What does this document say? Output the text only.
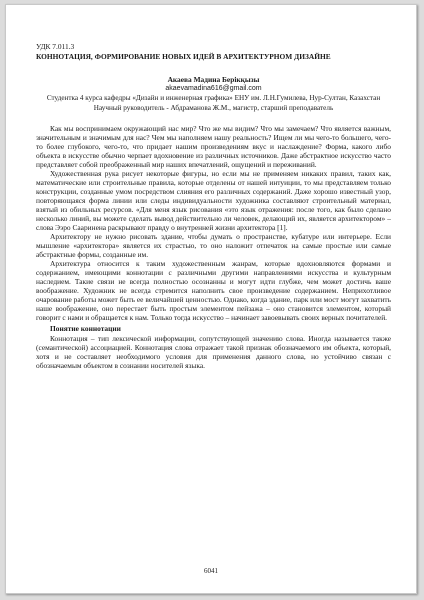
УДК 7.011.3
КОННОТАЦИЯ, ФОРМИРОВАНИЕ НОВЫХ ИДЕЙ В АРХИТЕКТУРНОМ ДИЗАЙНЕ
Акаева Мадина Берікқызы
akaevamadina616@gmail.com
Студентка 4 курса кафедры «Дизайн и инженерная графика» ЕНУ им. Л.Н.Гумилева, Нур-Султан, Казахстан
Научный руководитель - Абдраманова Ж.М., магистр, старший преподаватель

Как мы воспринимаем окружающий нас мир? Что же мы видим? Что мы замечаем? Что является важным, значительным и значимым для нас? Чем мы наполняем нашу реальность? Ищем ли мы чего-то большего, чего-то более глубокого, чего-то, что придает нашим произведениям вкус и наслаждение? Форма, какого либо объекта в искусстве обычно черпает вдохновение из различных источников. Даже абстрактное искусство часто представляет собой преображенный мир наших впечатлений, ощущений и переживаний.

Художественная рука рисует некоторые фигуры, но если мы не применяем никаких правил, таких как, математические или строительные правила, которые отделены от нашей интуиции, то мы представляем только конструкции, созданные умом посредством слияния его различных содержаний. Даже хорошо известный узор, повторяющаяся форма линии или следы индивидуальности художника составляют строительный материал, взятый из обильных ресурсов. «Для меня язык рисования «это язык отражения: после того, как было сделано несколько линий, вы можете сделать вывод действительно ли человек, делающий их, является архитектором» – слова Ээро Сааринена раскрывают правду о внутренней жизни архитектора [1].

Архитектору не нужно рисовать здание, чтобы думать о пространстве, кубатуре или интерьере. Если мышление «архитектора» является их страстью, то оно наложит отпечаток на самые простые или самые абстрактные формы, созданные им.

Архитектура относится к таким художественным жанрам, которые вдохновляются формами и содержанием, имеющими коннотации с различными другими направлениями искусства и культурным наследием. Такие связи не всегда полностью осознанны и могут идти глубже, чем может достичь ваше воображение. Художник не всегда стремится наполнить свое произведение содержанием. Неприхотливое очарование работы может быть ее величайшей ценностью. Однако, когда здание, парк или мост могут захватить наше воображение, оно перестает быть простым элементом пейзажа – оно становится элементом, который говорит с нами и обращается к нам. Только тогда искусство – начинает завоевывать своих верных почитателей.

Понятие коннотации

Коннотация – тип лексической информации, сопутствующей значению слова. Иногда называется также (семантической) ассоциацией. Коннотация слова отражает такой признак обозначаемого им объекта, который, хотя и не составляет необходимого условия для применения данного слова, но устойчиво связан с обозначаемым объектом в сознании носителей языка.

6041
